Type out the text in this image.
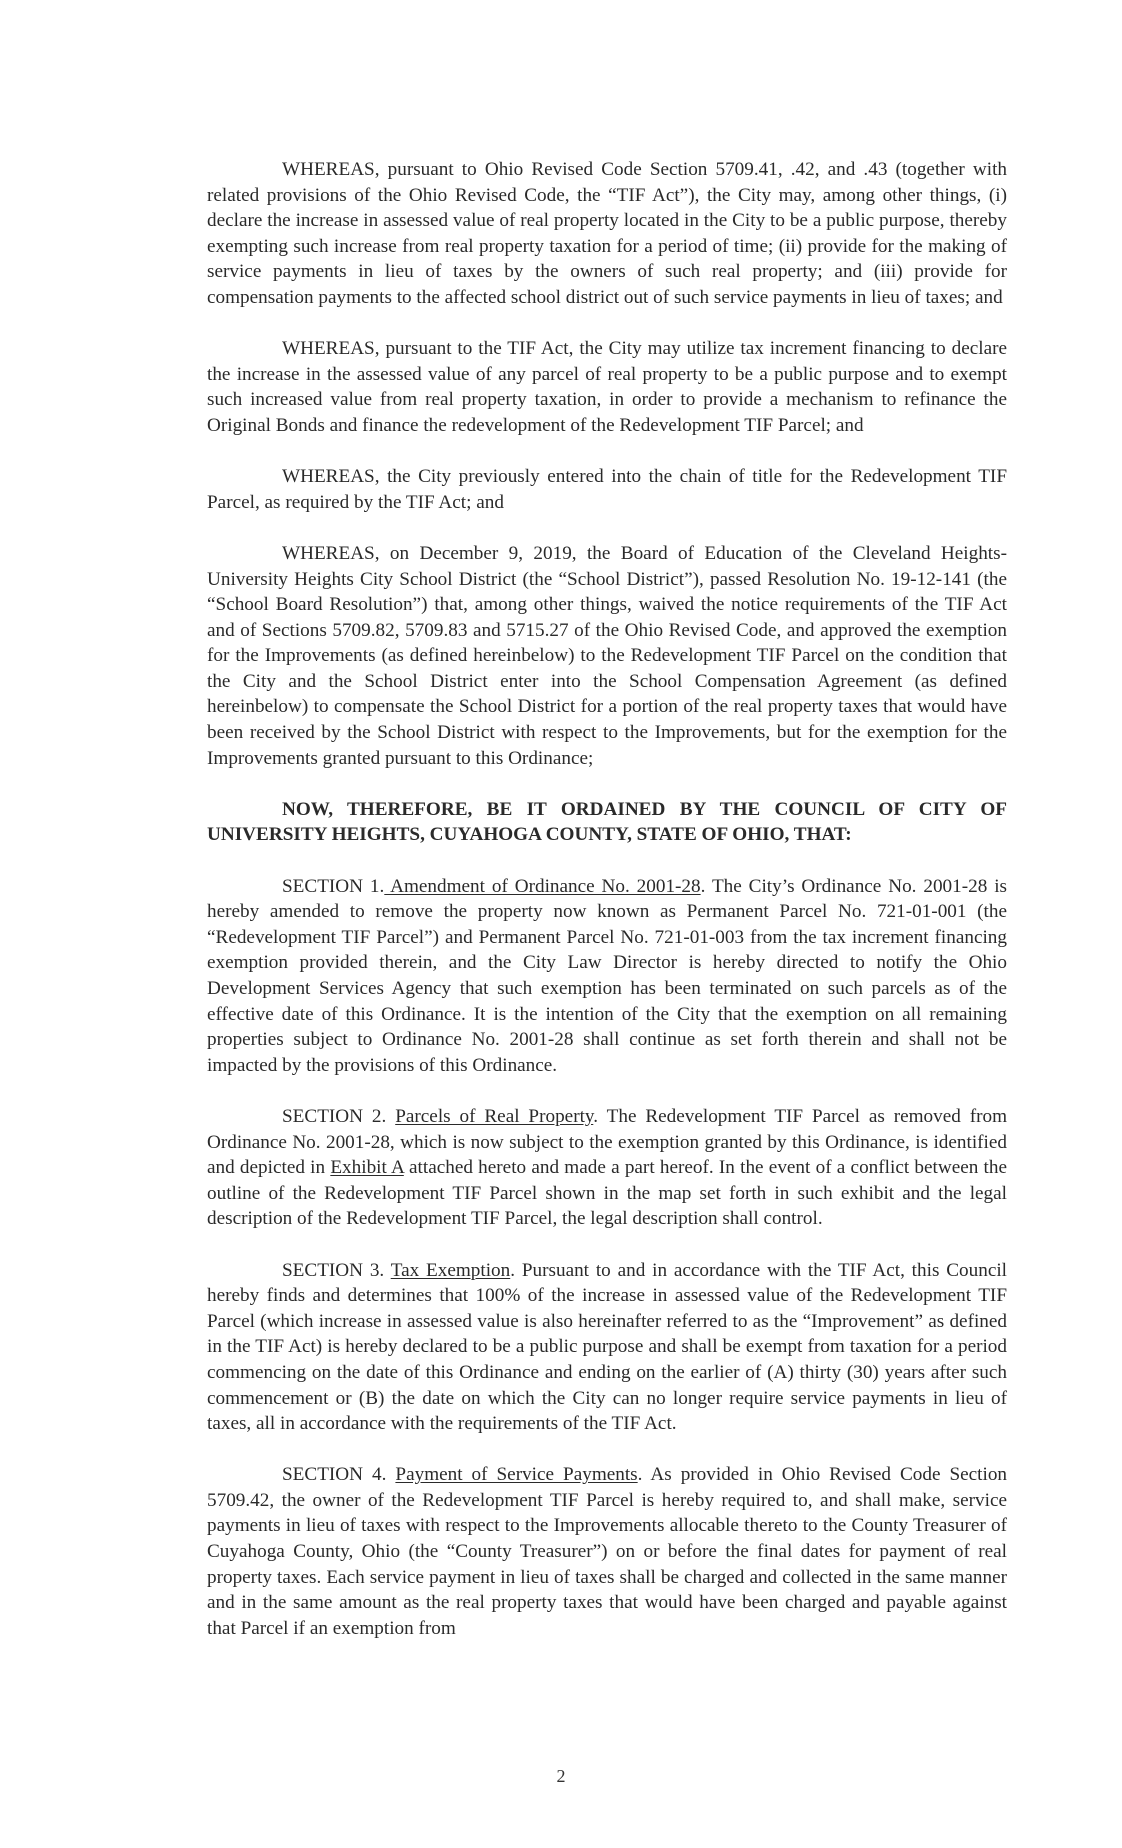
WHEREAS, pursuant to Ohio Revised Code Section 5709.41, .42, and .43 (together with related provisions of the Ohio Revised Code, the “TIF Act”), the City may, among other things, (i) declare the increase in assessed value of real property located in the City to be a public purpose, thereby exempting such increase from real property taxation for a period of time; (ii) provide for the making of service payments in lieu of taxes by the owners of such real property; and (iii) provide for compensation payments to the affected school district out of such service payments in lieu of taxes; and

WHEREAS, pursuant to the TIF Act, the City may utilize tax increment financing to declare the increase in the assessed value of any parcel of real property to be a public purpose and to exempt such increased value from real property taxation, in order to provide a mechanism to refinance the Original Bonds and finance the redevelopment of the Redevelopment TIF Parcel; and

WHEREAS, the City previously entered into the chain of title for the Redevelopment TIF Parcel, as required by the TIF Act; and

WHEREAS, on December 9, 2019, the Board of Education of the Cleveland Heights-University Heights City School District (the “School District”), passed Resolution No. 19-12-141 (the “School Board Resolution”) that, among other things, waived the notice requirements of the TIF Act and of Sections 5709.82, 5709.83 and 5715.27 of the Ohio Revised Code, and approved the exemption for the Improvements (as defined hereinbelow) to the Redevelopment TIF Parcel on the condition that the City and the School District enter into the School Compensation Agreement (as defined hereinbelow) to compensate the School District for a portion of the real property taxes that would have been received by the School District with respect to the Improvements, but for the exemption for the Improvements granted pursuant to this Ordinance;

NOW, THEREFORE, BE IT ORDAINED BY THE COUNCIL OF CITY OF UNIVERSITY HEIGHTS, CUYAHOGA COUNTY, STATE OF OHIO, THAT:

SECTION 1. Amendment of Ordinance No. 2001-28. The City’s Ordinance No. 2001-28 is hereby amended to remove the property now known as Permanent Parcel No. 721-01-001 (the “Redevelopment TIF Parcel”) and Permanent Parcel No. 721-01-003 from the tax increment financing exemption provided therein, and the City Law Director is hereby directed to notify the Ohio Development Services Agency that such exemption has been terminated on such parcels as of the effective date of this Ordinance. It is the intention of the City that the exemption on all remaining properties subject to Ordinance No. 2001-28 shall continue as set forth therein and shall not be impacted by the provisions of this Ordinance.

SECTION 2. Parcels of Real Property. The Redevelopment TIF Parcel as removed from Ordinance No. 2001-28, which is now subject to the exemption granted by this Ordinance, is identified and depicted in Exhibit A attached hereto and made a part hereof. In the event of a conflict between the outline of the Redevelopment TIF Parcel shown in the map set forth in such exhibit and the legal description of the Redevelopment TIF Parcel, the legal description shall control.

SECTION 3. Tax Exemption. Pursuant to and in accordance with the TIF Act, this Council hereby finds and determines that 100% of the increase in assessed value of the Redevelopment TIF Parcel (which increase in assessed value is also hereinafter referred to as the “Improvement” as defined in the TIF Act) is hereby declared to be a public purpose and shall be exempt from taxation for a period commencing on the date of this Ordinance and ending on the earlier of (A) thirty (30) years after such commencement or (B) the date on which the City can no longer require service payments in lieu of taxes, all in accordance with the requirements of the TIF Act.

SECTION 4. Payment of Service Payments. As provided in Ohio Revised Code Section 5709.42, the owner of the Redevelopment TIF Parcel is hereby required to, and shall make, service payments in lieu of taxes with respect to the Improvements allocable thereto to the County Treasurer of Cuyahoga County, Ohio (the “County Treasurer”) on or before the final dates for payment of real property taxes. Each service payment in lieu of taxes shall be charged and collected in the same manner and in the same amount as the real property taxes that would have been charged and payable against that Parcel if an exemption from

2
